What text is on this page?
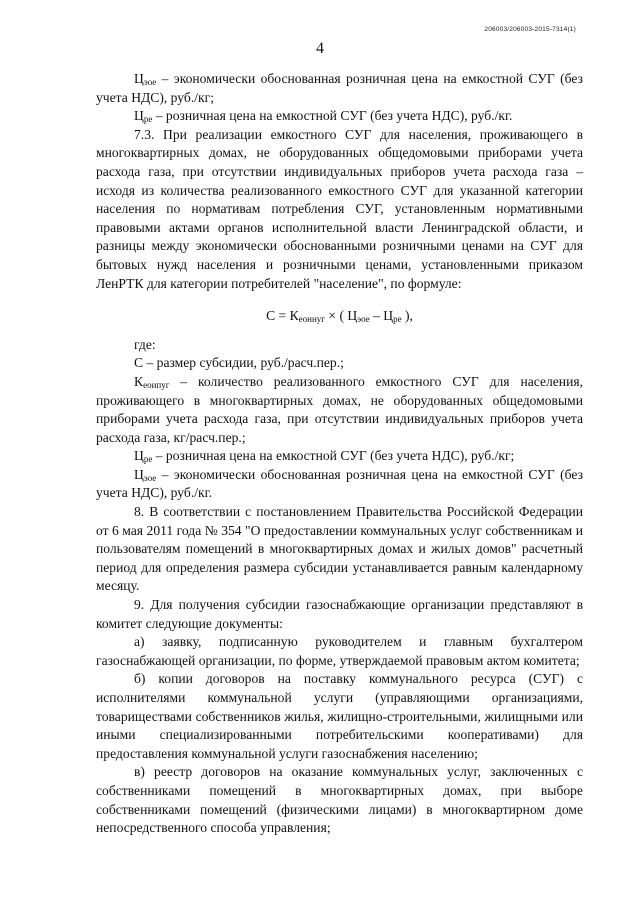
206003/206003-2015-7314(1)
4

$Ц_{эое}$ – экономически обоснованная розничная цена на емкостной СУГ (без учета НДС), руб./кг;

$Ц_{ре}$ – розничная цена на емкостной СУГ (без учета НДС), руб./кг.

7.3. При реализации емкостного СУГ для населения, проживающего в многоквартирных домах, не оборудованных общедомовыми приборами учета расхода газа, при отсутствии индивидуальных приборов учета расхода газа – исходя из количества реализованного емкостного СУГ для указанной категории населения по нормативам потребления СУГ, установленным нормативными правовыми актами органов исполнительной власти Ленинградской области, и разницы между экономически обоснованными розничными ценами на СУГ для бытовых нужд населения и розничными ценами, установленными приказом ЛенРТК для категории потребителей "население", по формуле:

$С = К_{еоннуг}$ × ( $Ц_{эое} - Ц_{ре}$ ),

где:

С – размер субсидии, руб./расч.пер.;

$К_{еоипуг}$ – количество реализованного емкостного СУГ для населения, проживающего в многоквартирных домах, не оборудованных общедомовыми приборами учета расхода газа, при отсутствии индивидуальных приборов учета расхода газа, кг/расч.пер.;

$Ц_{ре}$ – розничная цена на емкостной СУГ (без учета НДС), руб./кг;

$Ц_{эое}$ – экономически обоснованная розничная цена на емкостной СУГ (без учета НДС), руб./кг.

8. В соответствии с постановлением Правительства Российской Федерации от 6 мая 2011 года № 354 "О предоставлении коммунальных услуг собственникам и пользователям помещений в многоквартирных домах и жилых домов" расчетный период для определения размера субсидии устанавливается равным календарному месяцу.

9. Для получения субсидии газоснабжающие организации представляют в комитет следующие документы:

а) заявку, подписанную руководителем и главным бухгалтером газоснабжающей организации, по форме, утверждаемой правовым актом комитета;

б) копии договоров на поставку коммунального ресурса (СУГ) с исполнителями коммунальной услуги (управляющими организациями, товариществами собственников жилья, жилищно-строительными, жилищными или иными специализированными потребительскими кооперативами) для предоставления коммунальной услуги газоснабжения населению;

в) реестр договоров на оказание коммунальных услуг, заключенных с собственниками помещений в многоквартирных домах, при выборе собственниками помещений (физическими лицами) в многоквартирном доме непосредственного способа управления;
